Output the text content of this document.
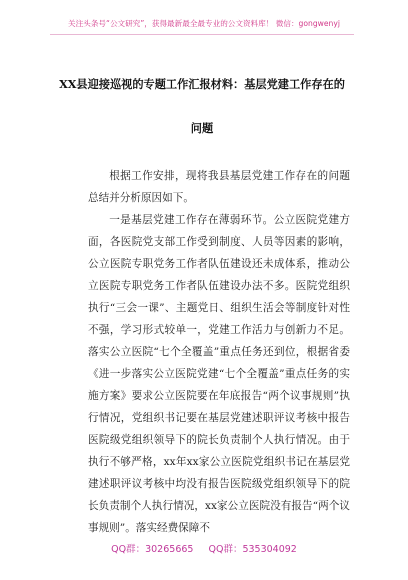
关注头条号“公文研究”，获得最新最全最专业的公文资料库！ 微信：gongwenyj
XX县迎接巡视的专题工作汇报材料：基层党建工作存在的
问题
根据工作安排，现将我县基层党建工作存在的问题总结并分析原因如下。
一是基层党建工作存在薄弱环节。公立医院党建方面，各医院党支部工作受到制度、人员等因素的影响，公立医院专职党务工作者队伍建设还未成体系，推动公立医院专职党务工作者队伍建设办法不多。医院党组织执行“三会一课”、主题党日、组织生活会等制度针对性不强，学习形式较单一，党建工作活力与创新力不足。落实公立医院“七个全覆盖”重点任务还到位，根据省委《进一步落实公立医院党建“七个全覆盖”重点任务的实施方案》要求公立医院要在年底报告“两个议事规则”执行情况，党组织书记要在基层党建述职评议考核中报告医院级党组织领导下的院长负责制个人执行情况。由于执行不够严格，xx年xx家公立医院党组织书记在基层党建述职评议考核中均没有报告医院级党组织领导下的院长负责制个人执行情况，xx家公立医院没有报告“两个议事规则”。落实经费保障不
QQ群：30265665 QQ群：535304092
